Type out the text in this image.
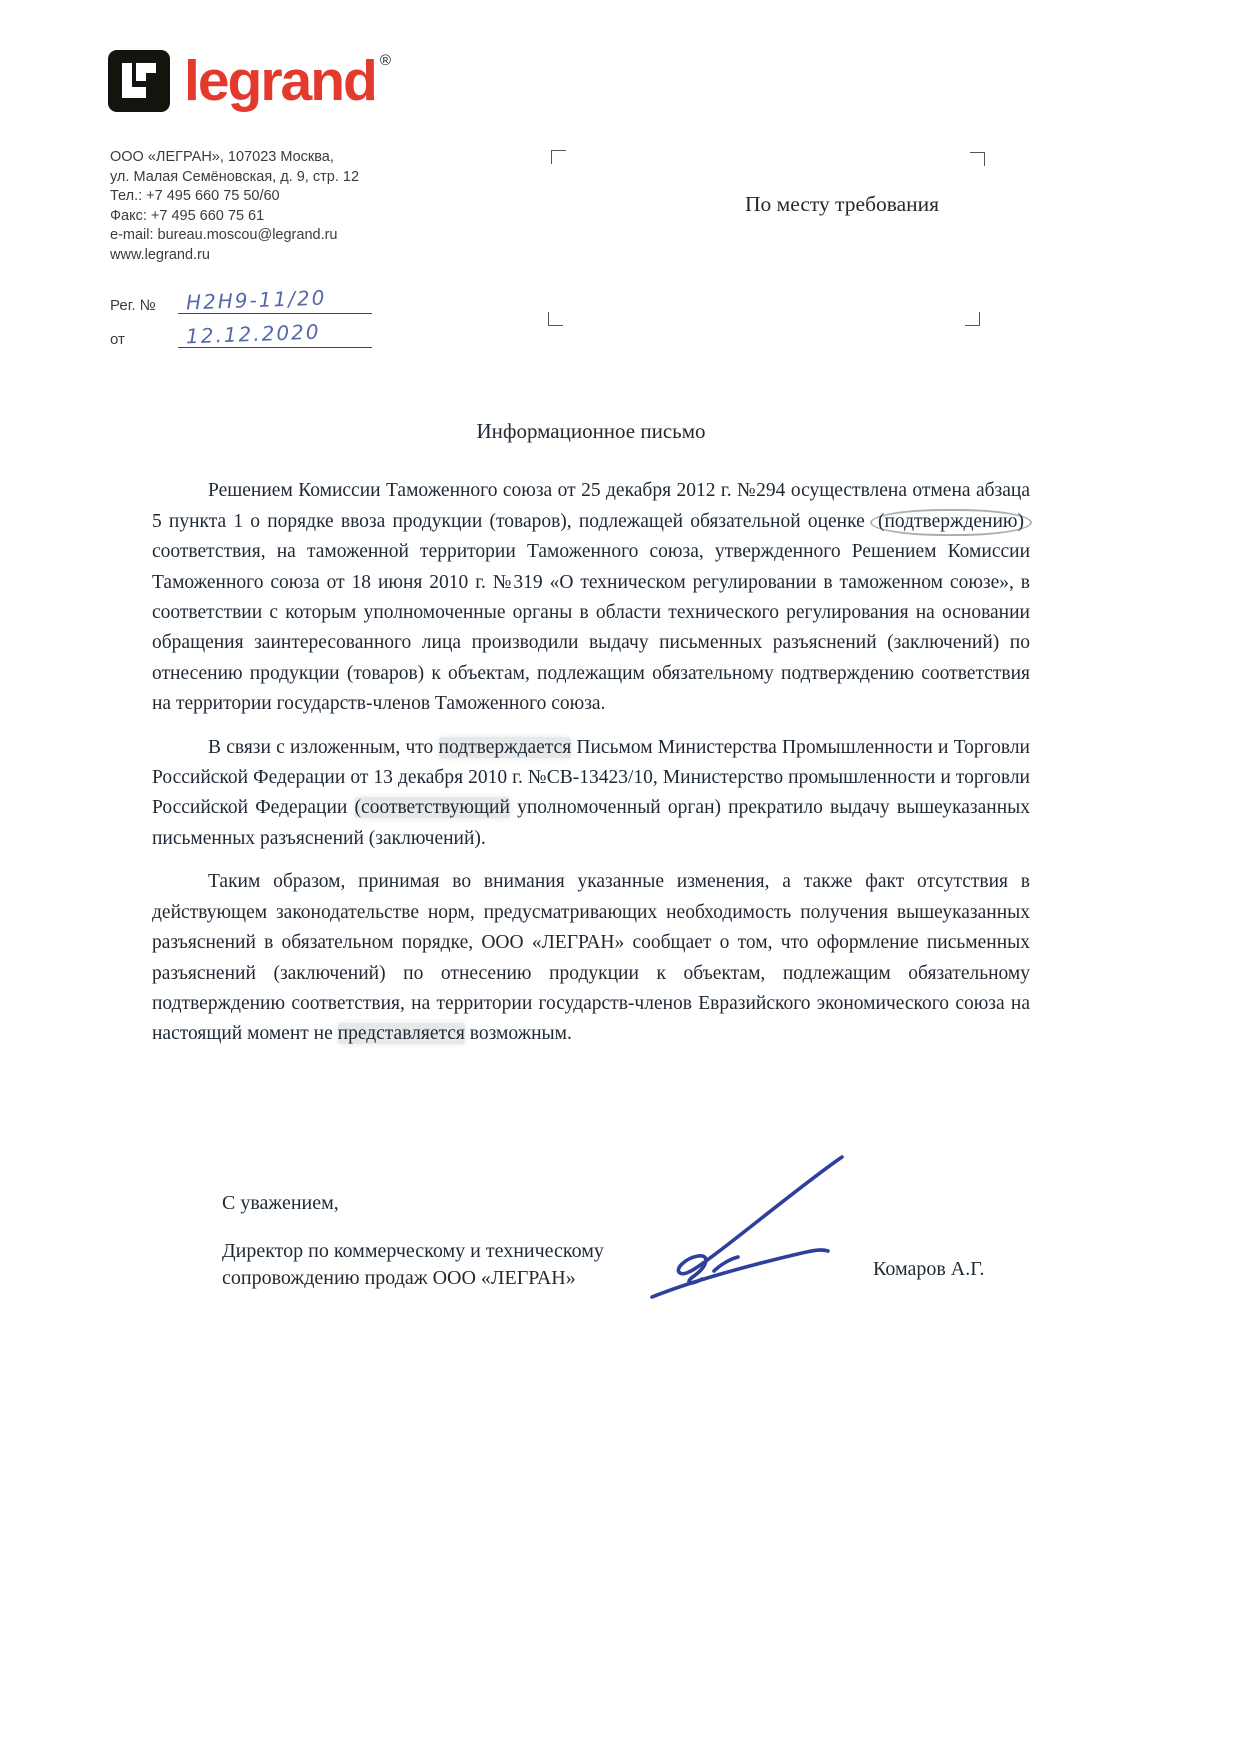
legrand ®
ООО «ЛЕГРАН», 107023 Москва,
ул. Малая Семёновская, д. 9, стр. 12
Тел.: +7 495 660 75 50/60
Факс: +7 495 660 75 61
e-mail: bureau.moscou@legrand.ru
www.legrand.ru
Рег. № Н2Н9-11/20
от	12.12.2020
По месту требования
Информационное письмо

Решением Комиссии Таможенного союза от 25 декабря 2012 г. №294 осуществлена отмена абзаца 5 пункта 1 о порядке ввоза продукции (товаров), подлежащей обязательной оценке (подтверждению) соответствия, на таможенной территории Таможенного союза, утвержденного Решением Комиссии Таможенного союза от 18 июня 2010 г. №319 «О техническом регулировании в таможенном союзе», в соответствии с которым уполномоченные органы в области технического регулирования на основании обращения заинтересованного лица производили выдачу письменных разъяснений (заключений) по отнесению продукции (товаров) к объектам, подлежащим обязательному подтверждению соответствия на территории государств-членов Таможенного союза.

В связи с изложенным, что подтверждается Письмом Министерства Промышленности и Торговли Российской Федерации от 13 декабря 2010 г. №СВ-13423/10, Министерство промышленности и торговли Российской Федерации (соответствующий уполномоченный орган) прекратило выдачу вышеуказанных письменных разъяснений (заключений).

Таким образом, принимая во внимания указанные изменения, а также факт отсутствия в действующем законодательстве норм, предусматривающих необходимость получения вышеуказанных разъяснений в обязательном порядке, ООО «ЛЕГРАН» сообщает о том, что оформление письменных разъяснений (заключений) по отнесению продукции к объектам, подлежащим обязательному подтверждению соответствия, на территории государств-членов Евразийского экономического союза на настоящий момент не представляется возможным.

С уважением,
Директор по коммерческому и техническому
сопровождению продаж ООО «ЛЕГРАН»	Комаров А.Г.
